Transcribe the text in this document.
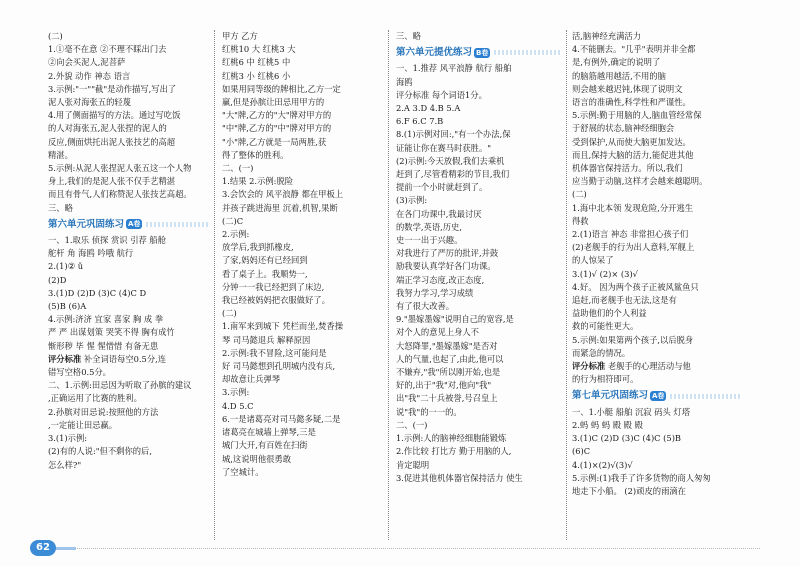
(二)
1.①毫不在意 ②不理不睬出门去
②向会买泥人,泥菩萨
2.外貌 动作 神态 语言
3.示例:"一""截"是动作描写,写出了
泥人张对海张五的轻蔑
4.用了侧面描写的方法。通过写吃饭
的人对海张五,泥人张捏的泥人的
反应,侧面烘托出泥人张技艺的高超
精湛。
5.示例:从泥人张捏泥人张五这一个人物
身上,我们的是泥人张不仅手艺精湛
而且有骨气,人们称赞泥人张技艺高超。
三、略
第六单元巩固练习 A卷
一、1.取乐 侦探 赏识 引荐 船舱
舵杆 角 海鸥 吟哦 航行
2.(1)② ǔ
(2)D
3.(1)D (2)D (3)C (4)C D
(5)B (6)A
4.示例:济济 宜家 喜家 胸 成 拳
严 严 出谋划策 哭笑不得 胸有成竹
惭形秽 毕 惺 惺惜惜 有备无患
评分标准 补全词语每空0.5分,连
错写空格0.5分。
二、1.示例:田忌因为听取了孙膑的建议
,正确运用了比赛的胜利。
2.孙膑对田忌说:按照他的方法
,一定能让田忌赢。
3.(1)示例:
(2)有的人说:"但不剩你的后,
怎么样?"
甲方 乙方
红桃10 大 红桃3 大
红桃6 中 红桃5 中
红桃3 小 红桃6 小
如果用同等级的牌相比,乙方一定
赢,但是孙膑让田忌用甲方的
"大"牌,乙方的"大"牌对甲方的
"中"牌,乙方的"中"牌对甲方的
"小"牌,乙方就是一局两胜,获
得了整体的胜利。
二、(一)
1.结果 2.示例:脱险
3.会饮会的 风平浪静 都在甲板上
并孩子跳进海里 沉着,机智,果断
(二)C
2.示例:
放学后,我到抓橡皮,
了家,妈妈还有已经回到
看了桌子上。我顺势一,
分钟一一我已经把到了床边,
我已经被妈妈把衣服做好了。
(二)
1.南军来到城下 凭栏而坐,焚香操
琴 司马懿退兵 解释原因
2.示例:我不冒险,这可能问是
好 司马懿想到孔明城内没有兵,
却故意让兵弹琴
3.示例:
4.D 5.C
6.一是诸葛亮对司马懿多疑,二是
诸葛亮在城墙上弹琴,三是
城门大开,有百姓在扫街
城,这说明他很勇敢
了空城计。
三、略
第六单元提优练习 B卷
一、1.推荐 风平浪静 航行 船舶
海鸥
评分标准 每个词语1分。
2.A 3.D 4.B 5.A
6.F 6.C 7.B
8.(1)示例对回:,"有一个办法,保
证能让你在赛马时获胜。"
(2)示例:今天放假,我们去乘机
赶到了,尽管看精彩的节目,我们
提前一个小时就赶到了。
(3)示例:
在各门功课中,我最讨厌
的数学,英语,历史,
史一一出于兴趣。
对我进行了严厉的批评,并鼓
励我要认真学好各门功课。
端正学习态度,改正态度,
我努力学习,学习成绩
有了很大改善。
9."墨嫁墨嫁"说明自己的宽容,是
对个人的意见上身人不
大怒降罪,"墨嫁墨嫁"是否对
人的气量,也起了,由此,他可以
不嫌弃,"我"所以刚开始,也是
好的,出于"我"对,他向"我"
出"我"二十兵被誉,号召皇上
说"我"的一一的。
二、(一)
1.示例:人的脑神经细胞能锻炼
2.作比较 打比方 勤于用脑的人,
肯定聪明
3.促进其他机体器官保持活力 使生
活,脑神经充满活力
4.不能删去。"几乎"表明并非全都
是,有例外,确定的说明了
的脑筋越用越活,不用的脑
则会越来越迟钝,体现了说明文
语言的准确性,科学性和严谨性。
5.示例:勤于用脑的人,脑血管经常保
于舒展的状态,脑神经细胞会
受到保护,从而使大脑更加发达。
而且,保持大脑的活力,能促进其他
机体器官保持活力。所以,我们
应当勤于动脑,这样才会越来越聪明。
(二)
1.海中北本领 发现危险,分开逃生
得救
2.(1)语言 神态 非常担心孩子们
(2)老舰手的行为出人意料,军舰上
的人惊呆了
3.(1)√ (2)× (3)√
4.好。 因为两个孩子正被风鲨鱼只
追赶,而老舰手也无法,这是有
益助他们的个人利益
救的可能性更大。
5.示例:如果第两个孩子,以后脱身
而紧急的情况。
评分标准 老舰手的心理活动与他
的行为相符即可。
第七单元巩固练习 A卷
一、1.小艇 船舶 沉寂 码头 灯塔
2.蚂 蚂 蚂 殿 殿 殿
3.(1)C (2)D (3)C (4)C (5)B
(6)C
4.(1)×(2)√(3)√
5.示例:(1)我手了许多货物的商人匆匆
地走下小船。 (2)顽皮的雨滴在
62
